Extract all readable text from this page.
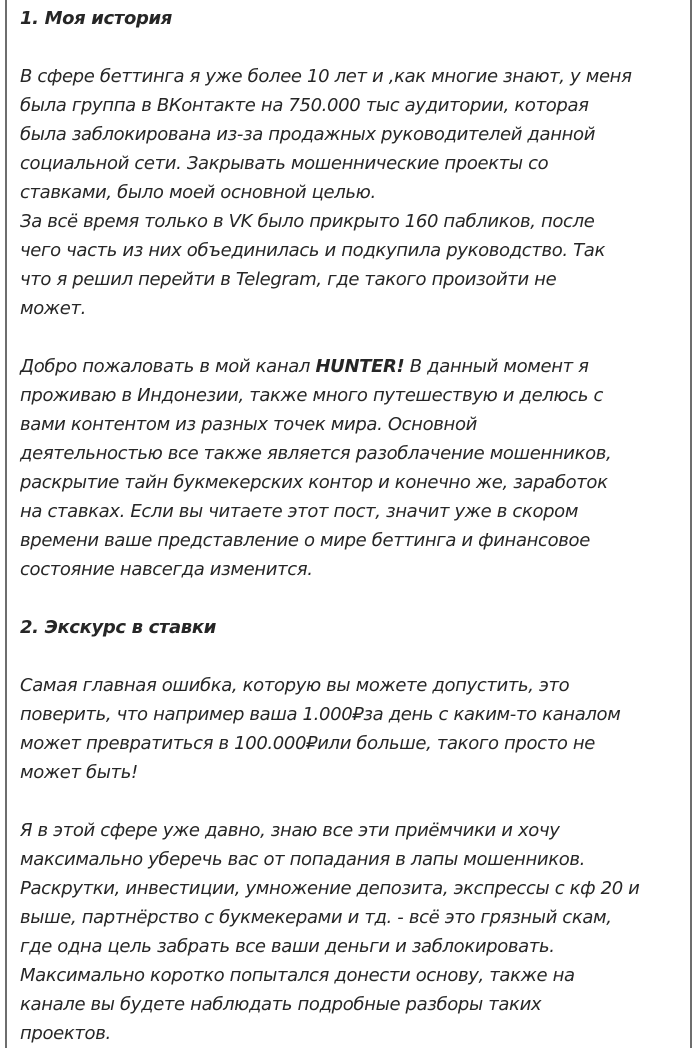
1. Моя история
В сфере беттинга я уже более 10 лет и ,как многие знают, у меня
была группа в ВКонтакте на 750.000 тыс аудитории, которая
была заблокирована из-за продажных руководителей данной
социальной сети. Закрывать мошеннические проекты со
ставками, было моей основной целью.
За всё время только в VK было прикрыто 160 пабликов, после
чего часть из них объединилась и подкупила руководство. Так
что я решил перейти в Telegram, где такого произойти не
может.
Добро пожаловать в мой канал HUNTER! В данный момент я
проживаю в Индонезии, также много путешествую и делюсь с
вами контентом из разных точек мира. Основной
деятельностью все также является разоблачение мошенников,
раскрытие тайн букмекерских контор и конечно же, заработок
на ставках. Если вы читаете этот пост, значит уже в скором
времени ваше представление о мире беттинга и финансовое
состояние навсегда изменится.
2. Экскурс в ставки
Самая главная ошибка, которую вы можете допустить, это
поверить, что например ваша 1.000₽за день с каким-то каналом
может превратиться в 100.000₽или больше, такого просто не
может быть!
Я в этой сфере уже давно, знаю все эти приёмчики и хочу
максимально уберечь вас от попадания в лапы мошенников.
Раскрутки, инвестиции, умножение депозита, экспрессы с кф 20 и
выше, партнёрство с букмекерами и тд. - всё это грязный скам,
где одна цель забрать все ваши деньги и заблокировать.
Максимально коротко попытался донести основу, также на
канале вы будете наблюдать подробные разборы таких
проектов.
